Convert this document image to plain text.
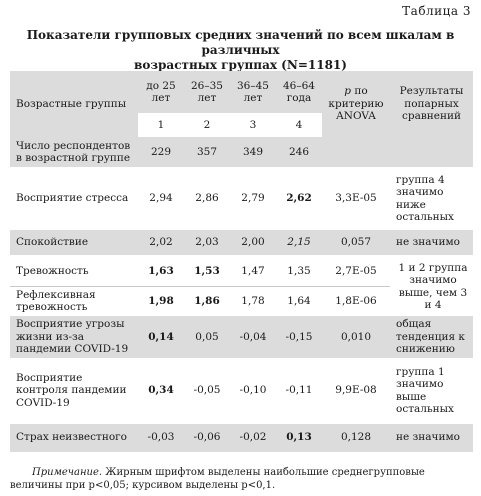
Таблица 3
Показатели групповых средних значений по всем шкалам в различных
возрастных группах (N=1181)
Возрастные группы	до 25 лет	26–35 лет	36–45 лет	46–64 года	p по критерию ANOVA	Результаты попарных сравнений
	1	2	3	4		
Число респондентов в возрастной группе	229	357	349	246		
Восприятие стресса	2,94	2,86	2,79	2,62	3,3E-05	группа 4 значимо ниже остальных
Спокойствие	2,02	2,03	2,00	2,15	0,057	не значимо
Тревожность	1,63	1,53	1,47	1,35	2,7E-05	1 и 2 группа значимо выше, чем 3 и 4
Рефлексивная тревожность	1,98	1,86	1,78	1,64	1,8E-06	
Восприятие угрозы жизни из-за пандемии COVID-19	0,14	0,05	-0,04	-0,15	0,010	общая тенденция к снижению
Восприятие контроля пандемии COVID-19	0,34	-0,05	-0,10	-0,11	9,9E-08	группа 1 значимо выше остальных
Страх неизвестного	-0,03	-0,06	-0,02	0,13	0,128	не значимо
Примечание. Жирным шрифтом выделены наибольшие среднегрупповые величины при p<0,05; курсивом выделены p<0,1.
